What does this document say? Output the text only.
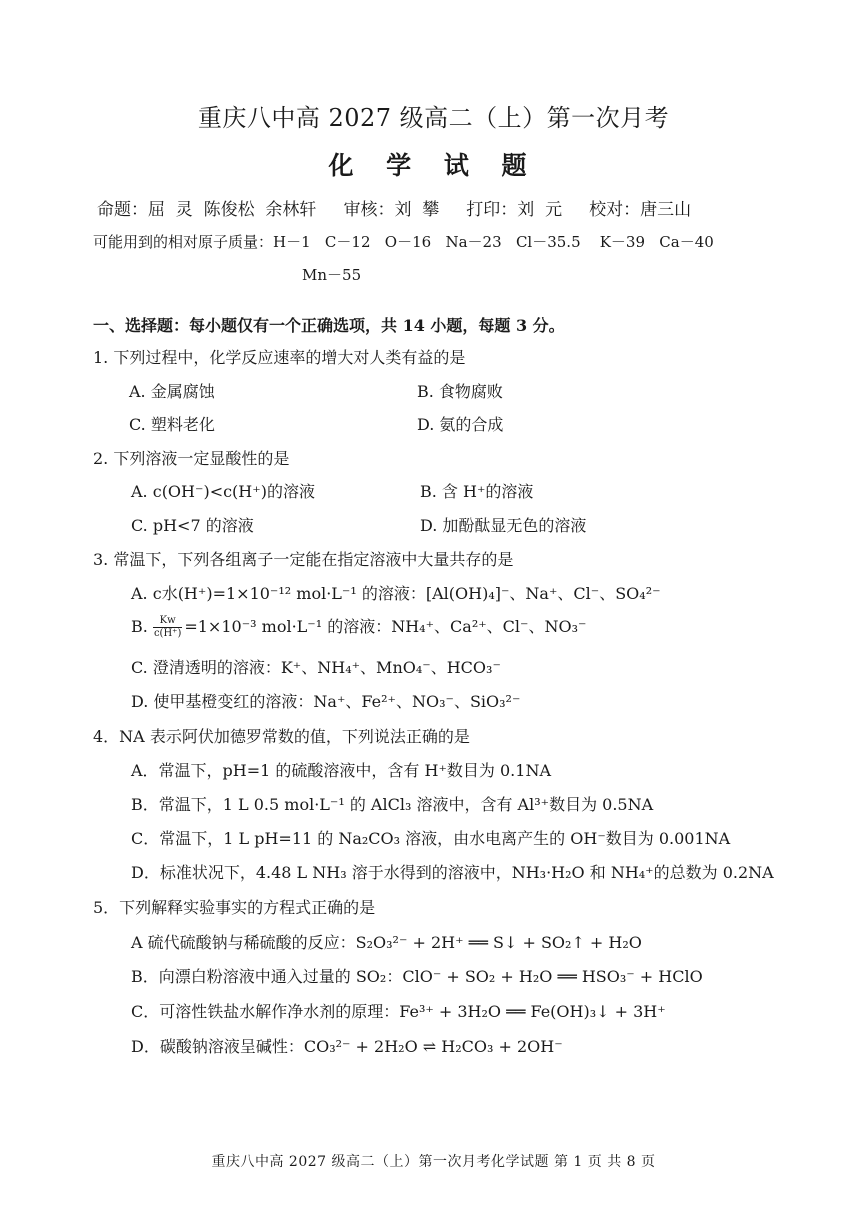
重庆八中高 2027 级高二（上）第一次月考
化 学 试 题
命题：屈  灵  陈俊松  余林轩     审核：刘  攀     打印：刘  元     校对：唐三山
可能用到的相对原子质量：H－1   C－12   O－16   Na－23   Cl－35.5    K－39   Ca－40
Mn－55
一、选择题：每小题仅有一个正确选项，共 14 小题，每题 3 分。
1. 下列过程中，化学反应速率的增大对人类有益的是
A. 金属腐蚀	B. 食物腐败
C. 塑料老化	D. 氨的合成
2. 下列溶液一定显酸性的是
A. c(OH⁻)<c(H⁺)的溶液	B. 含 H⁺的溶液
C. pH<7 的溶液	D. 加酚酞显无色的溶液
3. 常温下，下列各组离子一定能在指定溶液中大量共存的是
A. c水(H⁺)=1×10⁻¹² mol·L⁻¹ 的溶液：[Al(OH)₄]⁻、Na⁺、Cl⁻、SO₄²⁻
B. $\frac{Kw}{c(H^+)} =1\times 10^{-3}$ mol·L⁻¹ 的溶液：NH₄⁺、Ca²⁺、Cl⁻、NO₃⁻
C. 澄清透明的溶液：K⁺、NH₄⁺、MnO₄⁻、HCO₃⁻
D. 使甲基橙变红的溶液：Na⁺、Fe²⁺、NO₃⁻、SiO₃²⁻
4．NA 表示阿伏加德罗常数的值，下列说法正确的是
A．常温下，pH=1 的硫酸溶液中，含有 H⁺数目为 0.1NA
B．常温下，1 L 0.5 mol·L⁻¹ 的 AlCl₃ 溶液中，含有 Al³⁺数目为 0.5NA
C．常温下，1 L pH=11 的 Na₂CO₃ 溶液，由水电离产生的 OH⁻数目为 0.001NA
D．标准状况下，4.48 L NH₃ 溶于水得到的溶液中，NH₃·H₂O 和 NH₄⁺的总数为 0.2NA
5．下列解释实验事实的方程式正确的是
A 硫代硫酸钠与稀硫酸的反应：S₂O₃²⁻ + 2H⁺ ══ S↓ + SO₂↑ + H₂O
B．向漂白粉溶液中通入过量的 SO₂：ClO⁻ + SO₂ + H₂O ══ HSO₃⁻ + HClO
C．可溶性铁盐水解作净水剂的原理：Fe³⁺ + 3H₂O ══ Fe(OH)₃↓ + 3H⁺
D．碳酸钠溶液呈碱性：CO₃²⁻ + 2H₂O ⇌ H₂CO₃ + 2OH⁻
重庆八中高 2027 级高二（上）第一次月考化学试题 第 1 页 共 8 页
